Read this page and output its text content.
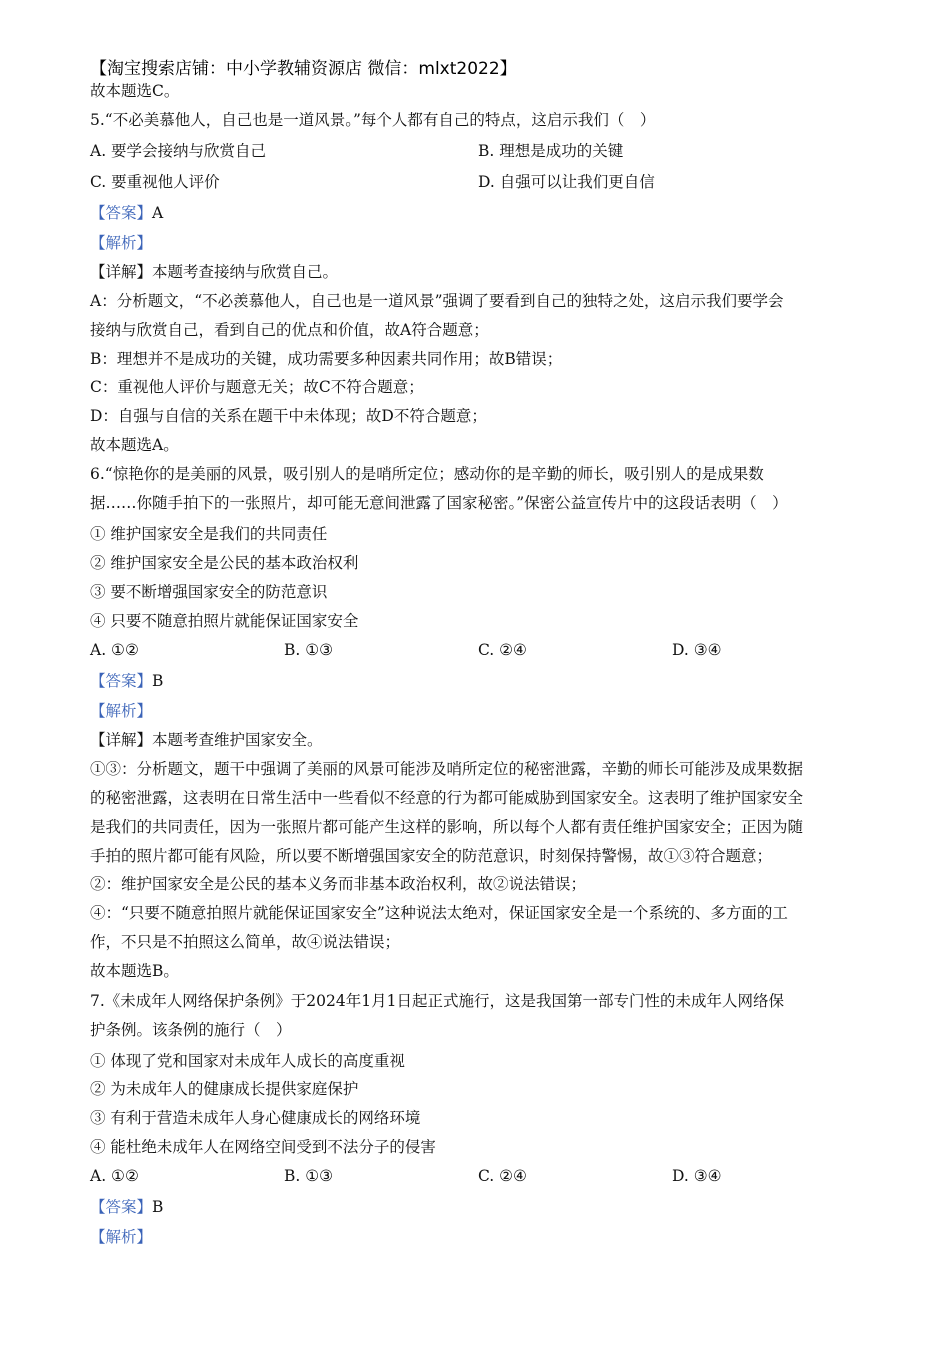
【淘宝搜索店铺：中小学教辅资源店 微信：mlxt2022】
故本题选C。
5.“不必美慕他人，自己也是一道风景。”每个人都有自己的特点，这启示我们（　）
A. 要学会接纳与欣赏自己	B. 理想是成功的关键
C. 要重视他人评价	D. 自强可以让我们更自信
【答案】A
【解析】
【详解】本题考查接纳与欣赏自己。
A：分析题文，“不必羡慕他人，自己也是一道风景”强调了要看到自己的独特之处，这启示我们要学会
接纳与欣赏自己，看到自己的优点和价值，故A符合题意；
B：理想并不是成功的关键，成功需要多种因素共同作用；故B错误；
C：重视他人评价与题意无关；故C不符合题意；
D：自强与自信的关系在题干中未体现；故D不符合题意；
故本题选A。
6.“惊艳你的是美丽的风景，吸引别人的是哨所定位；感动你的是辛勤的师长，吸引别人的是成果数
据……你随手拍下的一张照片，却可能无意间泄露了国家秘密。”保密公益宣传片中的这段话表明（　）
① 维护国家安全是我们的共同责任
② 维护国家安全是公民的基本政治权利
③ 要不断增强国家安全的防范意识
④ 只要不随意拍照片就能保证国家安全
A. ①②	B. ①③	C. ②④	D. ③④
【答案】B
【解析】
【详解】本题考查维护国家安全。
①③：分析题文，题干中强调了美丽的风景可能涉及哨所定位的秘密泄露，辛勤的师长可能涉及成果数据
的秘密泄露，这表明在日常生活中一些看似不经意的行为都可能威胁到国家安全。这表明了维护国家安全
是我们的共同责任，因为一张照片都可能产生这样的影响，所以每个人都有责任维护国家安全；正因为随
手拍的照片都可能有风险，所以要不断增强国家安全的防范意识，时刻保持警惕，故①③符合题意；
②：维护国家安全是公民的基本义务而非基本政治权利，故②说法错误；
④：“只要不随意拍照片就能保证国家安全”这种说法太绝对，保证国家安全是一个系统的、多方面的工
作，不只是不拍照这么简单，故④说法错误；
故本题选B。
7.《未成年人网络保护条例》于2024年1月1日起正式施行，这是我国第一部专门性的未成年人网络保
护条例。该条例的施行（　）
① 体现了党和国家对未成年人成长的高度重视
② 为未成年人的健康成长提供家庭保护
③ 有利于营造未成年人身心健康成长的网络环境
④ 能杜绝未成年人在网络空间受到不法分子的侵害
A. ①②	B. ①③	C. ②④	D. ③④
【答案】B
【解析】
